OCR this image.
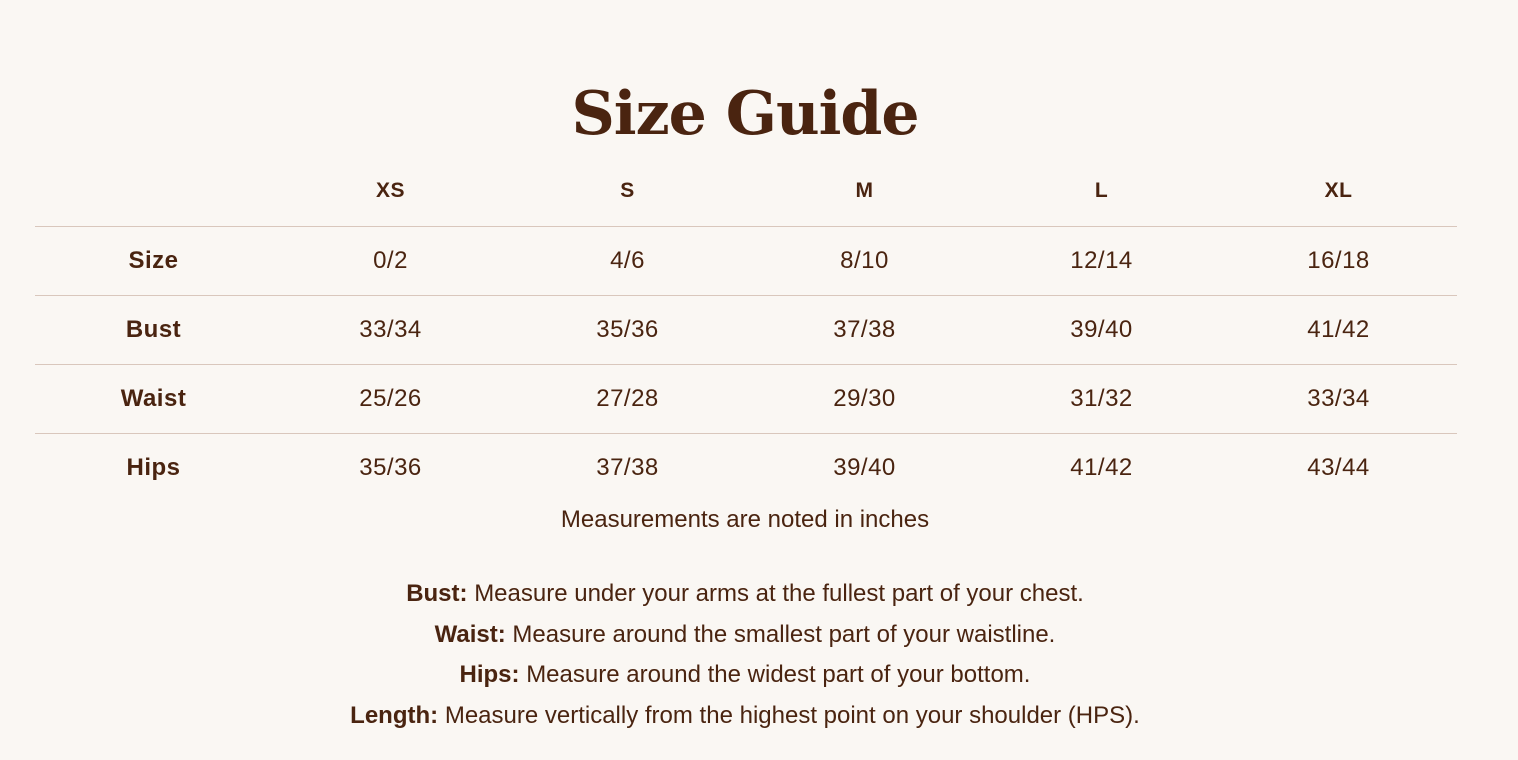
Size Guide
	XS	S	M	L	XL
Size	0/2	4/6	8/10	12/14	16/18
Bust	33/34	35/36	37/38	39/40	41/42
Waist	25/26	27/28	29/30	31/32	33/34
Hips	35/36	37/38	39/40	41/42	43/44

Measurements are noted in inches

Bust: Measure under your arms at the fullest part of your chest.
Waist: Measure around the smallest part of your waistline.
Hips: Measure around the widest part of your bottom.
Length: Measure vertically from the highest point on your shoulder (HPS).
